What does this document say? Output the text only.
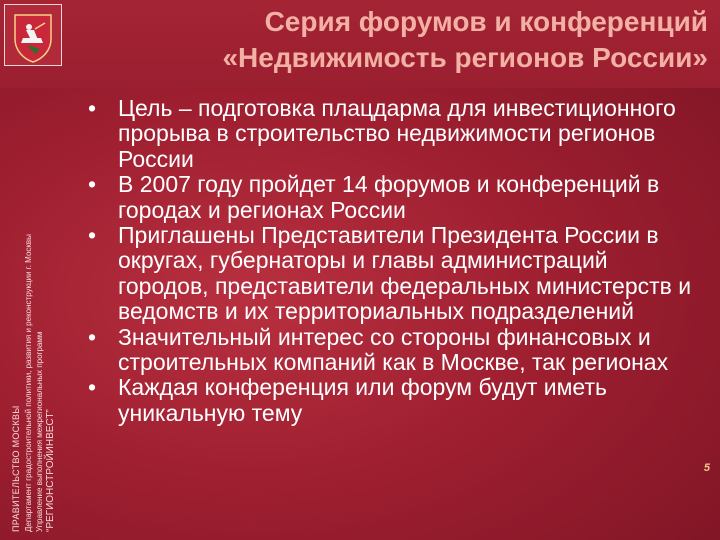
Серия форумов и конференций
«Недвижимость регионов России»
ПРАВИТЕЛЬСТВО МОСКВЫ Департамент градостроительной политики, развития и реконструкции г. Москвы Управление выполнения межрегиональных программ “РЕГИОНСТРОЙИНВЕСТ”
• Цель – подготовка плацдарма для инвестиционного прорыва в строительство недвижимости регионов России
• В 2007 году пройдет 14 форумов и конференций в городах и регионах России
• Приглашены Представители Президента России в округах, губернаторы и главы администраций городов, представители федеральных министерств и ведомств и их территориальных подразделений
• Значительный интерес со стороны финансовых и строительных компаний как в Москве, так регионах
• Каждая конференция или форум будут иметь уникальную тему
5
